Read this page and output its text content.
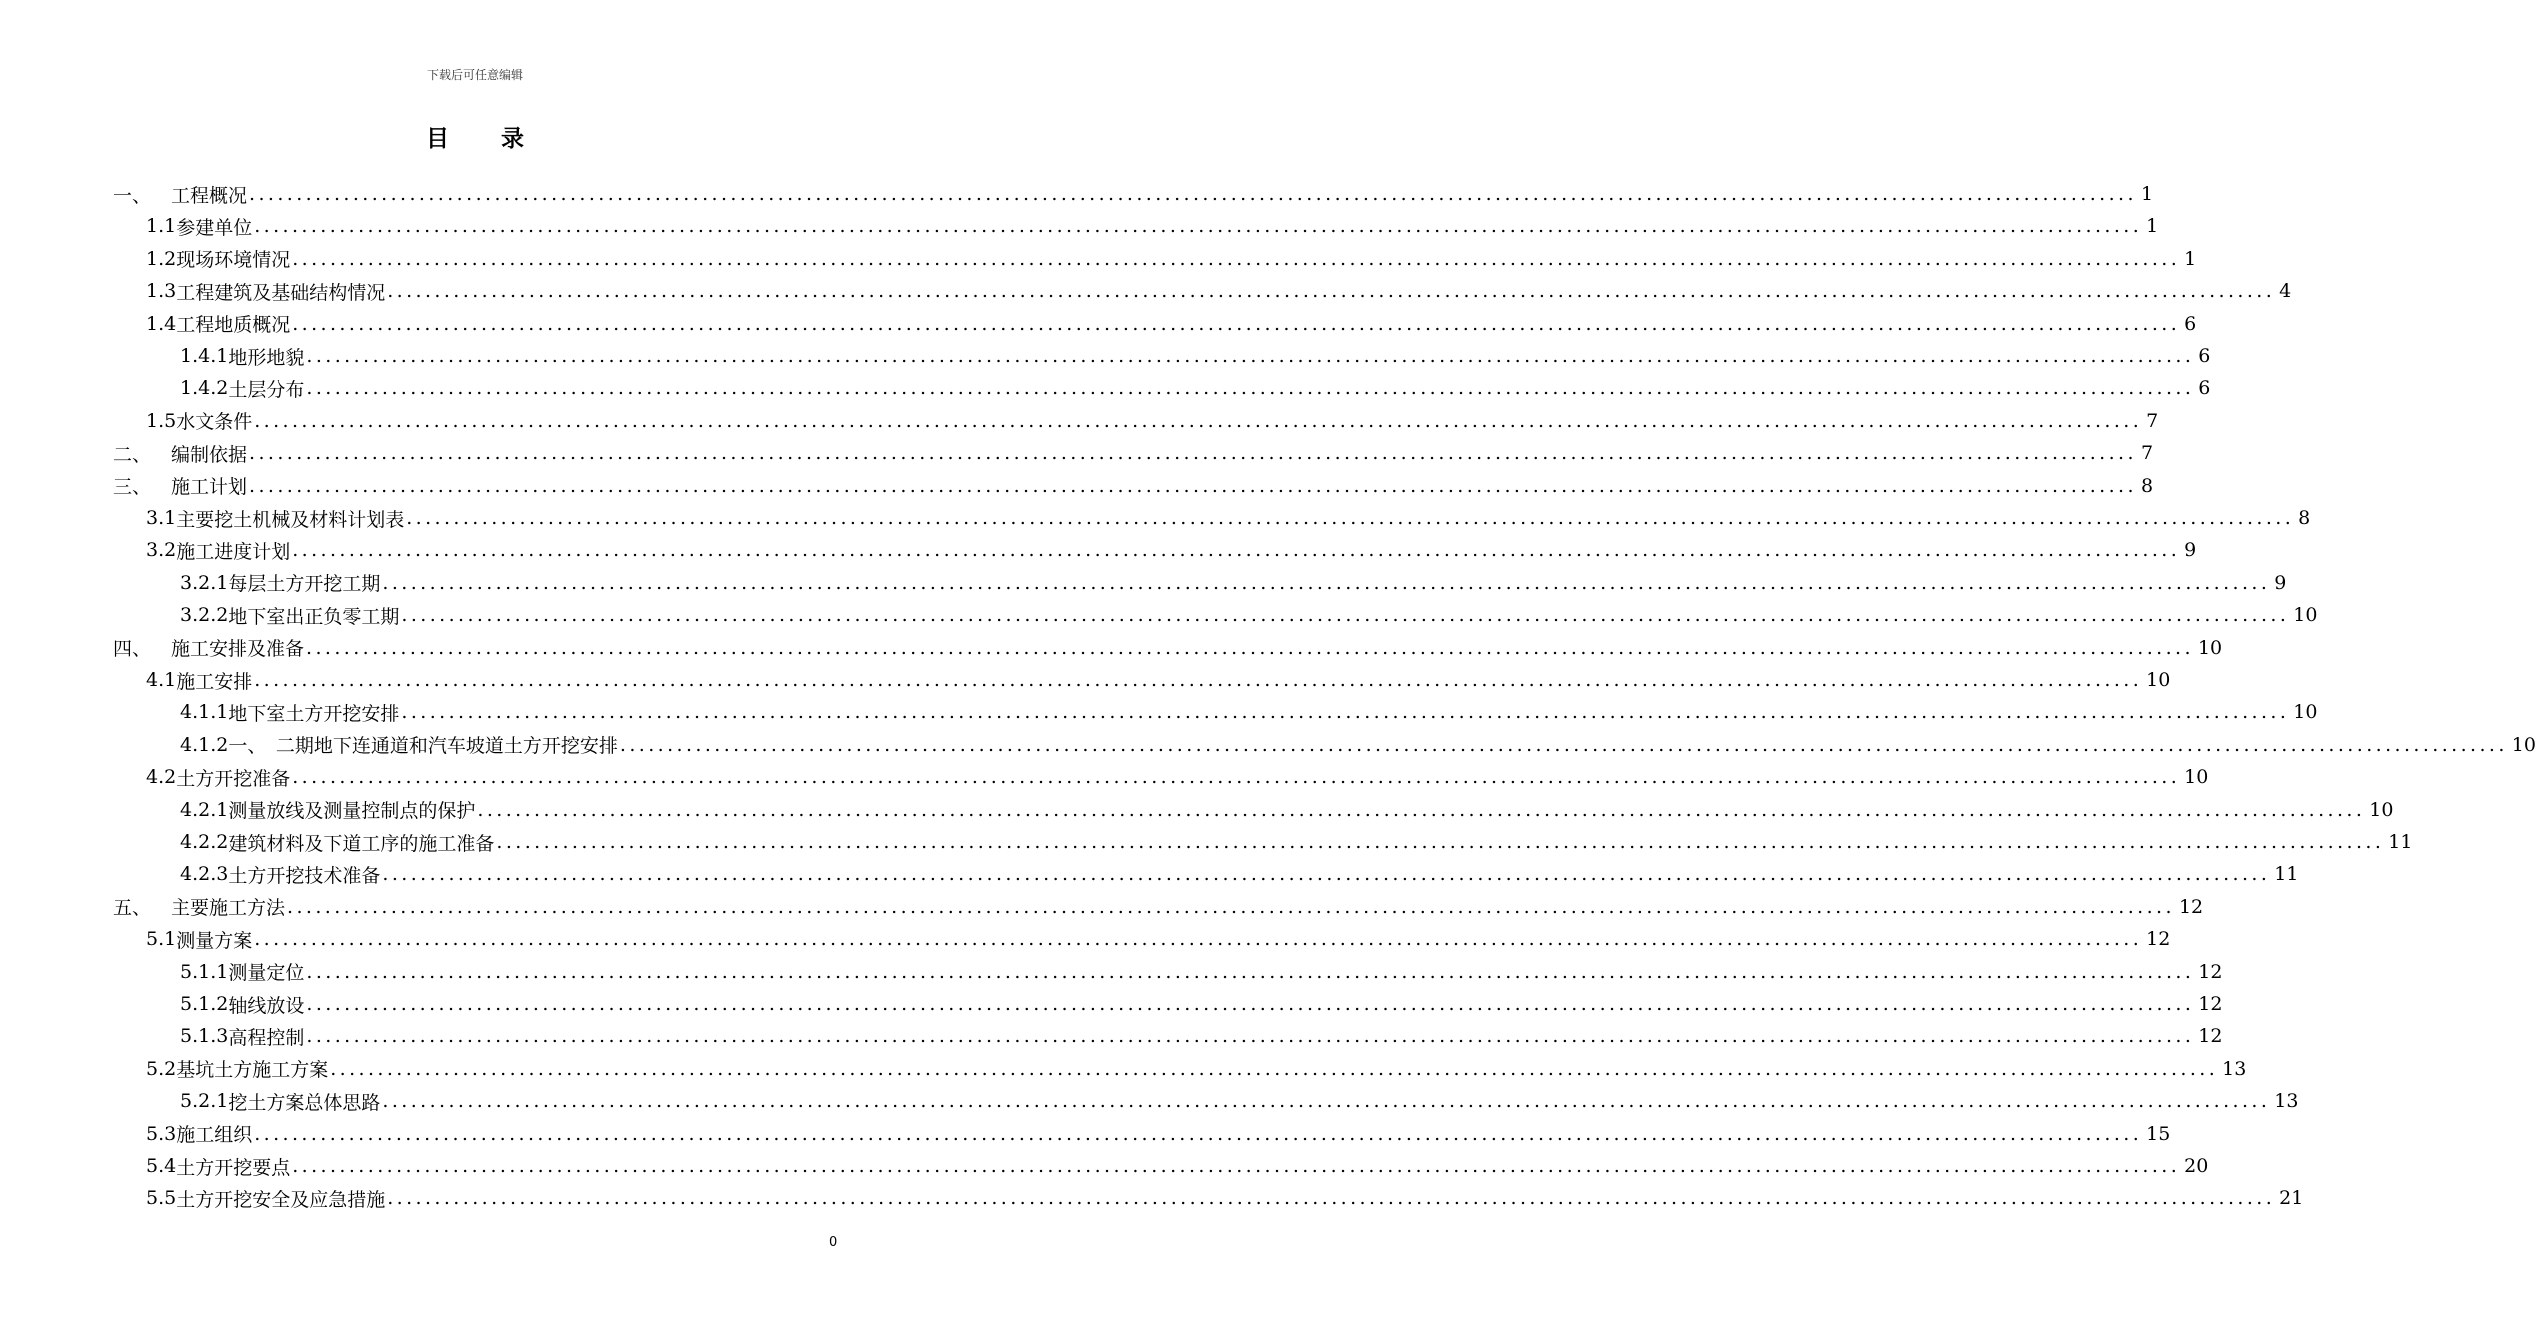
下载后可任意编辑
目 录
一、	工程概况 ........................................................................................................................................................................................................ 1
1.1 参建单位 ........................................................................................................................................................................................................ 1
1.2 现场环境情况 ........................................................................................................................................................................................................ 1
1.3 工程建筑及基础结构情况 ........................................................................................................................................................................................................ 4
1.4 工程地质概况 ........................................................................................................................................................................................................ 6
1.4.1 地形地貌 ........................................................................................................................................................................................................ 6
1.4.2 土层分布 ........................................................................................................................................................................................................ 6
1.5 水文条件 ........................................................................................................................................................................................................ 7
二、	编制依据 ........................................................................................................................................................................................................ 7
三、	施工计划 ........................................................................................................................................................................................................ 8
3.1 主要挖土机械及材料计划表 ........................................................................................................................................................................................................ 8
3.2 施工进度计划 ........................................................................................................................................................................................................ 9
3.2.1 每层土方开挖工期 ........................................................................................................................................................................................................ 9
3.2.2 地下室出正负零工期 ........................................................................................................................................................................................................ 10
四、	施工安排及准备 ........................................................................................................................................................................................................ 10
4.1 施工安排 ........................................................................................................................................................................................................ 10
4.1.1 地下室土方开挖安排 ........................................................................................................................................................................................................ 10
4.1.2 一、　二期地下连通道和汽车坡道土方开挖安排 ........................................................................................................................................................................................................ 10
4.2 土方开挖准备 ........................................................................................................................................................................................................ 10
4.2.1 测量放线及测量控制点的保护 ........................................................................................................................................................................................................ 10
4.2.2 建筑材料及下道工序的施工准备 ........................................................................................................................................................................................................ 11
4.2.3 土方开挖技术准备 ........................................................................................................................................................................................................ 11
五、	主要施工方法 ........................................................................................................................................................................................................ 12
5.1 测量方案 ........................................................................................................................................................................................................ 12
5.1.1 测量定位 ........................................................................................................................................................................................................ 12
5.1.2 轴线放设 ........................................................................................................................................................................................................ 12
5.1.3 高程控制 ........................................................................................................................................................................................................ 12
5.2 基坑土方施工方案 ........................................................................................................................................................................................................ 13
5.2.1 挖土方案总体思路 ........................................................................................................................................................................................................ 13
5.3 施工组织 ........................................................................................................................................................................................................ 15
5.4 土方开挖要点 ........................................................................................................................................................................................................ 20
5.5 土方开挖安全及应急措施 ........................................................................................................................................................................................................ 21
0
